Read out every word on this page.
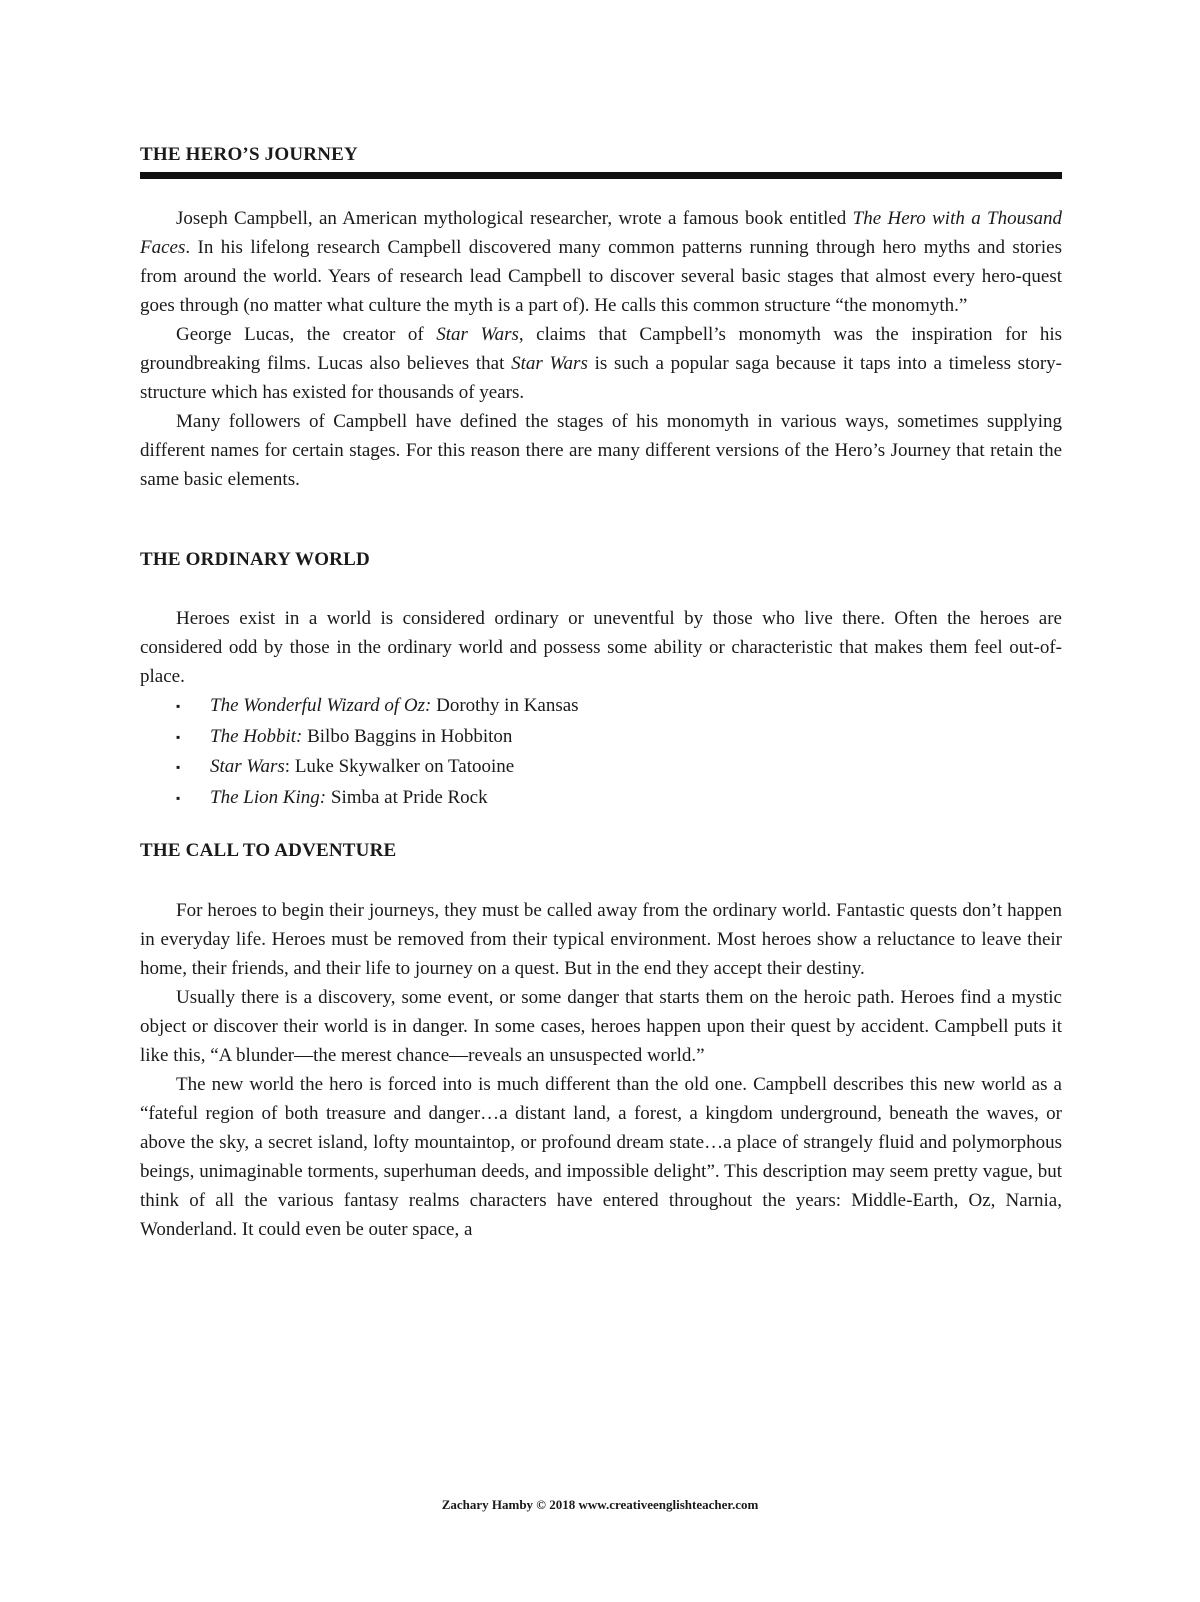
THE HERO’S JOURNEY

Joseph Campbell, an American mythological researcher, wrote a famous book entitled The Hero with a Thousand Faces. In his lifelong research Campbell discovered many common patterns running through hero myths and stories from around the world. Years of research lead Campbell to discover several basic stages that almost every hero-quest goes through (no matter what culture the myth is a part of). He calls this common structure “the monomyth.”

George Lucas, the creator of Star Wars, claims that Campbell’s monomyth was the inspiration for his groundbreaking films. Lucas also believes that Star Wars is such a popular saga because it taps into a timeless story-structure which has existed for thousands of years.

Many followers of Campbell have defined the stages of his monomyth in various ways, sometimes supplying different names for certain stages. For this reason there are many different versions of the Hero’s Journey that retain the same basic elements.

THE ORDINARY WORLD

Heroes exist in a world is considered ordinary or uneventful by those who live there. Often the heroes are considered odd by those in the ordinary world and possess some ability or characteristic that makes them feel out-of-place.

▪ The Wonderful Wizard of Oz: Dorothy in Kansas
▪ The Hobbit: Bilbo Baggins in Hobbiton
▪ Star Wars: Luke Skywalker on Tatooine
▪ The Lion King: Simba at Pride Rock
THE CALL TO ADVENTURE

For heroes to begin their journeys, they must be called away from the ordinary world. Fantastic quests don’t happen in everyday life. Heroes must be removed from their typical environment. Most heroes show a reluctance to leave their home, their friends, and their life to journey on a quest. But in the end they accept their destiny.

Usually there is a discovery, some event, or some danger that starts them on the heroic path. Heroes find a mystic object or discover their world is in danger. In some cases, heroes happen upon their quest by accident. Campbell puts it like this, “A blunder—the merest chance—reveals an unsuspected world.”

The new world the hero is forced into is much different than the old one. Campbell describes this new world as a “fateful region of both treasure and danger…a distant land, a forest, a kingdom underground, beneath the waves, or above the sky, a secret island, lofty mountaintop, or profound dream state…a place of strangely fluid and polymorphous beings, unimaginable torments, superhuman deeds, and impossible delight”. This description may seem pretty vague, but think of all the various fantasy realms characters have entered throughout the years: Middle-Earth, Oz, Narnia, Wonderland. It could even be outer space, a

Zachary Hamby © 2018 www.creativeenglishteacher.com
